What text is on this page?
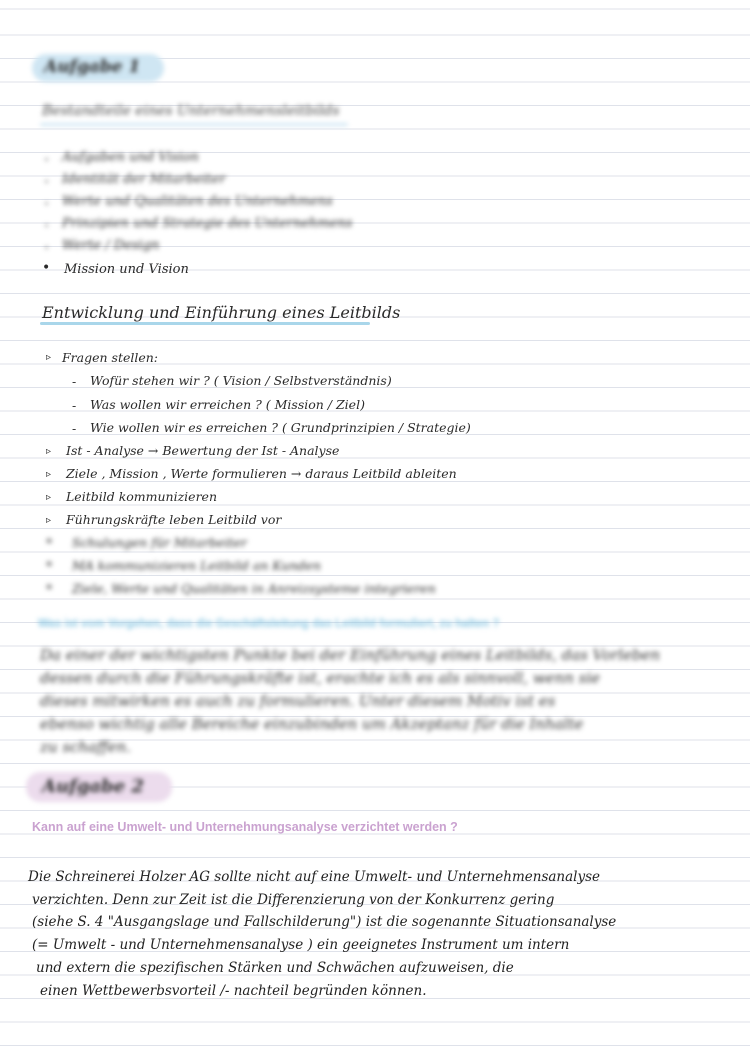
Aufgabe 1
Bestandteile eines Unternehmensleitbilds
· Aufgaben und Vision
· Identität der Mitarbeiter
· Werte und Qualitäten des Unternehmens
· Prinzipien und Strategie des Unternehmens
· Werte / Design
• Mission und Vision
Entwicklung und Einführung eines Leitbilds
▹ Fragen stellen:
- Wofür stehen wir ? ( Vision / Selbstverständnis)
- Was wollen wir erreichen ? ( Mission / Ziel)
- Wie wollen wir es erreichen ? ( Grundprinzipien / Strategie)
▹ Ist - Analyse → Bewertung der Ist - Analyse
▹ Ziele , Mission , Werte formulieren → daraus Leitbild ableiten
▹ Leitbild kommunizieren
▹ Führungskräfte leben Leitbild vor
* Schulungen für Mitarbeiter
* MA kommunizieren Leitbild an Kunden
* Ziele, Werte und Qualitäten in Anreizsysteme integrieren
Was ist vom Vorgehen, dass die Geschäftsleitung das Leitbild formuliert, zu halten ?
Da einer der wichtigsten Punkte bei der Einführung eines Leitbilds, das Vorleben
dessen durch die Führungskräfte ist, erachte ich es als sinnvoll, wenn sie
dieses mitwirken es auch zu formulieren. Unter diesem Motiv ist es
ebenso wichtig alle Bereiche einzubinden um Akzeptanz für die Inhalte
zu schaffen.
Aufgabe 2
Kann auf eine Umwelt- und Unternehmungsanalyse verzichtet werden ?
Die Schreinerei Holzer AG sollte nicht auf eine Umwelt- und Unternehmensanalyse
verzichten. Denn zur Zeit ist die Differenzierung von der Konkurrenz gering
(siehe S. 4 "Ausgangslage und Fallschilderung") ist die sogenannte Situationsanalyse
(= Umwelt - und Unternehmensanalyse ) ein geeignetes Instrument um intern
und extern die spezifischen Stärken und Schwächen aufzuweisen, die
einen Wettbewerbsvorteil /- nachteil begründen können.
